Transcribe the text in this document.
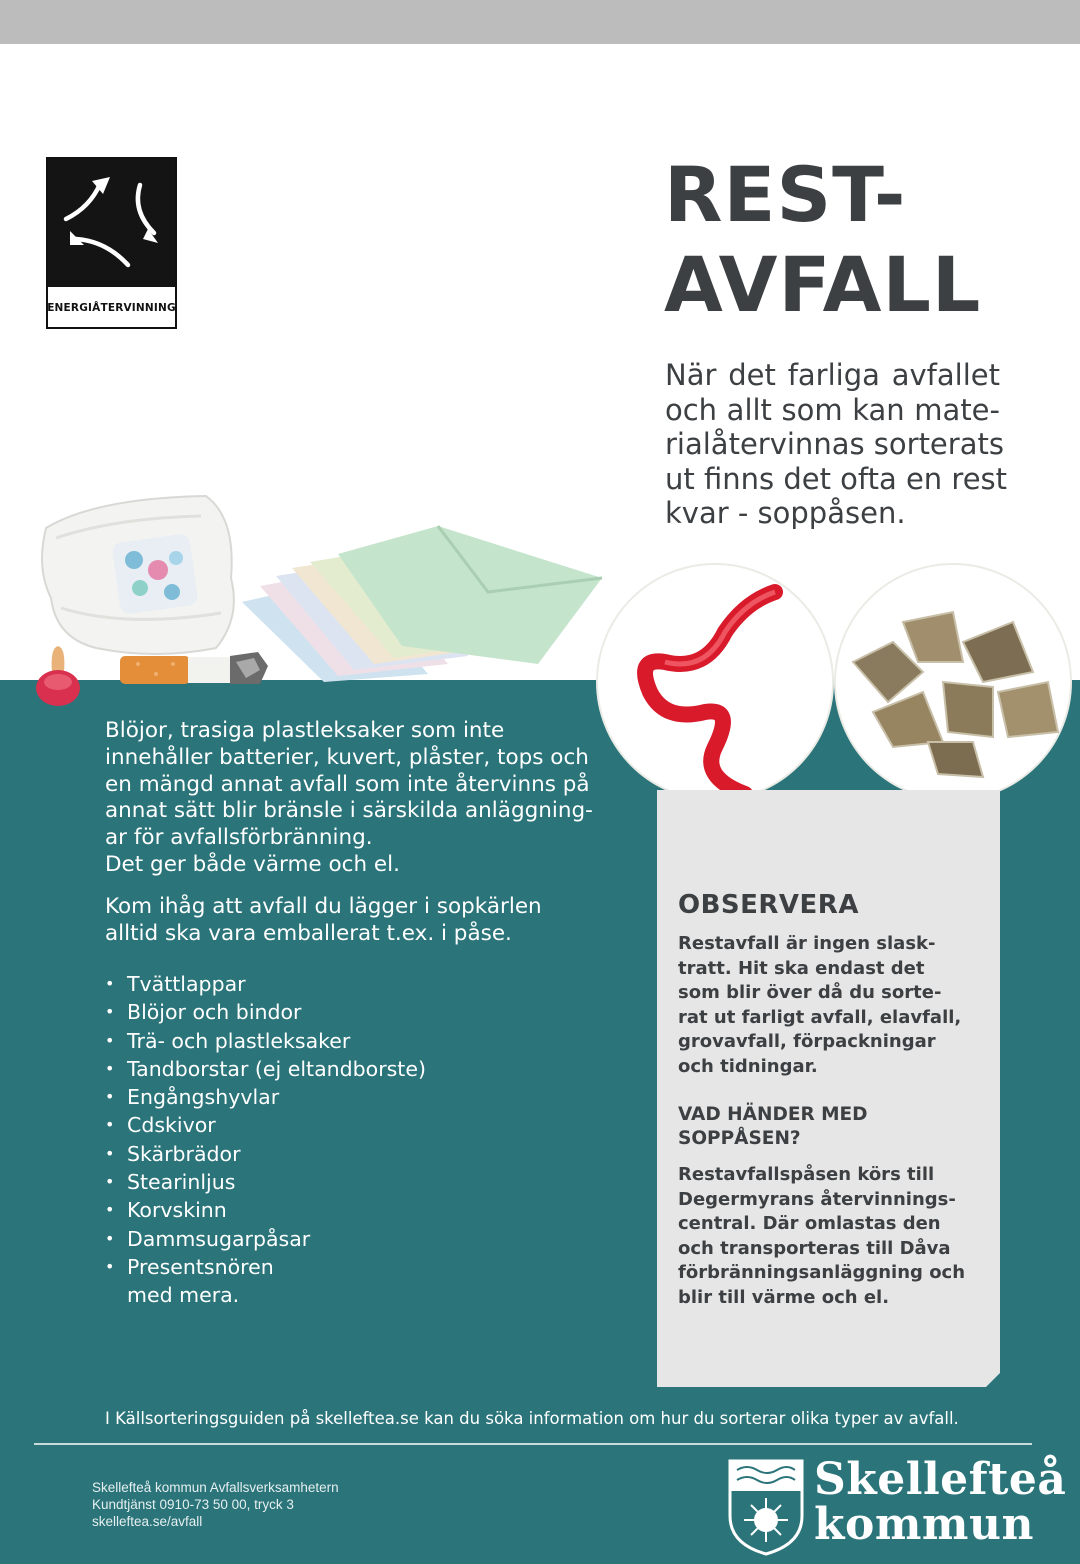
ENERGIÅTERVINNING
REST-
AVFALL
När det farliga avfallet
och allt som kan mate-
rialåtervinnas sorterats
ut finns det ofta en rest
kvar - soppåsen.
Blöjor, trasiga plastleksaker som inte
innehåller batterier, kuvert, plåster, tops och
en mängd annat avfall som inte återvinns på
annat sätt blir bränsle i särskilda anläggning-
ar för avfallsförbränning.
Det ger både värme och el.
Kom ihåg att avfall du lägger i sopkärlen
alltid ska vara emballerat t.ex. i påse.
• Tvättlappar
• Blöjor och bindor
• Trä- och plastleksaker
• Tandborstar (ej eltandborste)
• Engångshyvlar
• Cdskivor
• Skärbrädor
• Stearinljus
• Korvskinn
• Dammsugarpåsar
• Presentsnören
med mera.
OBSERVERA
Restavfall är ingen slask-
tratt. Hit ska endast det
som blir över då du sorte-
rat ut farligt avfall, elavfall,
grovavfall, förpackningar
och tidningar.
VAD HÄNDER MED
SOPPÅSEN?
Restavfallspåsen körs till
Degermyrans återvinnings-
central. Där omlastas den
och transporteras till Dåva
förbränningsanläggning och
blir till värme och el.
I Källsorteringsguiden på skelleftea.se kan du söka information om hur du sorterar olika typer av avfall.
Skellefteå kommun Avfallsverksamhetern
Kundtjänst 0910-73 50 00, tryck 3
skelleftea.se/avfall
Skellefteå
kommun
